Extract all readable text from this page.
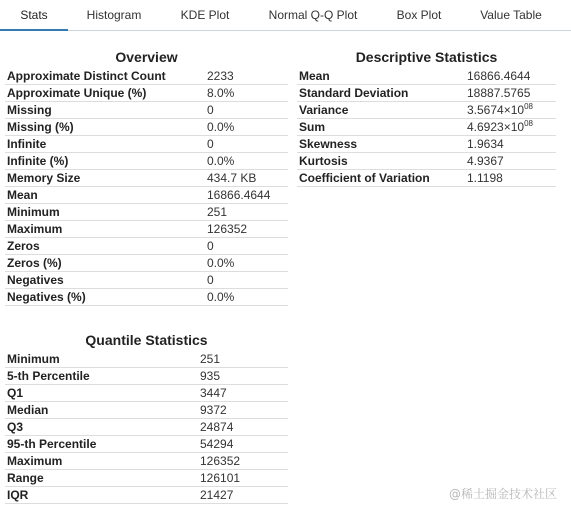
Stats	Histogram	KDE Plot	Normal Q-Q Plot	Box Plot	Value Table
Overview
Approximate Distinct Count	2233
Approximate Unique (%)	8.0%
Missing	0
Missing (%)	0.0%
Infinite	0
Infinite (%)	0.0%
Memory Size	434.7 KB
Mean	16866.4644
Minimum	251
Maximum	126352
Zeros	0
Zeros (%)	0.0%
Negatives	0
Negatives (%)	0.0%
Quantile Statistics
Minimum	251
5-th Percentile	935
Q1	3447
Median	9372
Q3	24874
95-th Percentile	54294
Maximum	126352
Range	126101
IQR	21427
Descriptive Statistics
Mean	16866.4644
Standard Deviation	18887.5765
Variance	$3.5674\times 10^{08}$
Sum	$4.6923\times 10^{08}$
Skewness	1.9634
Kurtosis	4.9367
Coefficient of Variation	1.1198
@稀土掘金技术社区
